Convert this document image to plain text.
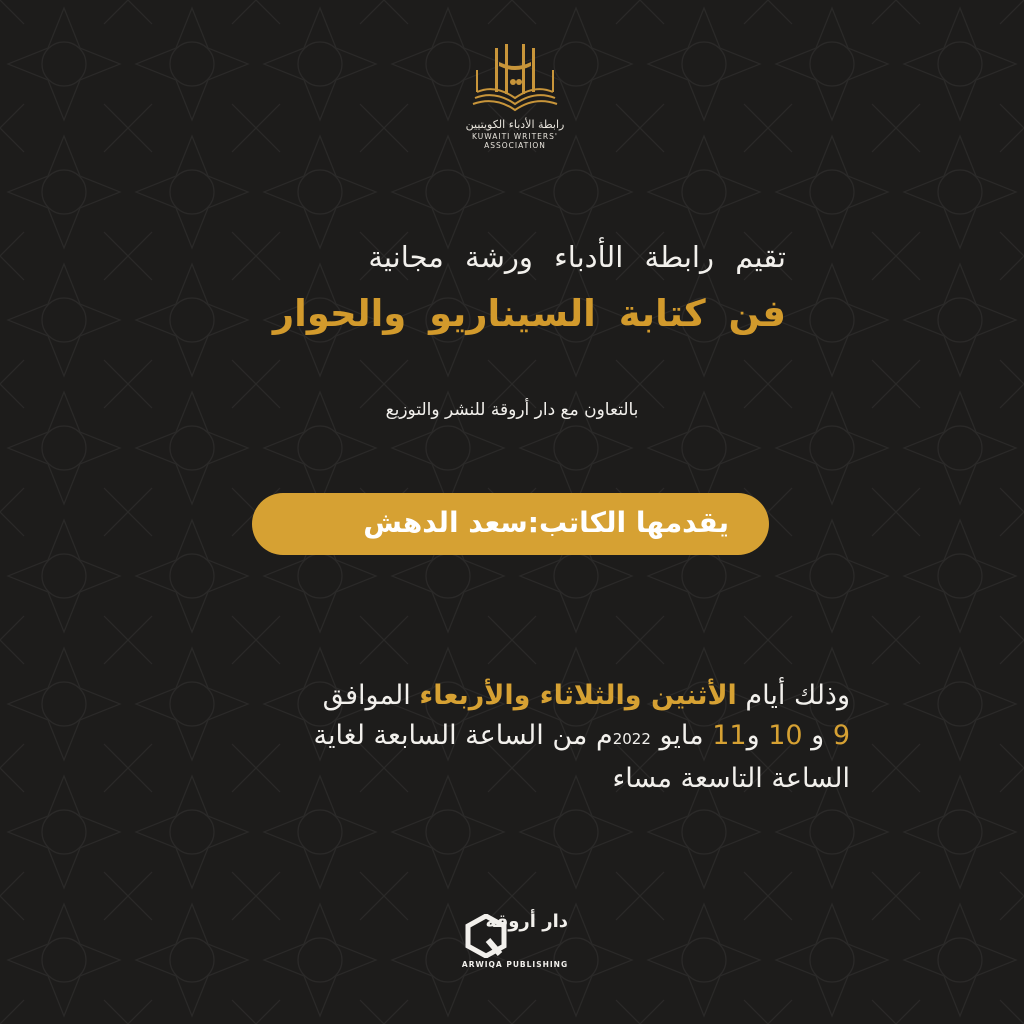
رابطة الأدباء الكويتيين
KUWAITI WRITERS' ASSOCIATION
تقيم رابطة الأدباء ورشة مجانية
فن كتابة السيناريو والحوار
بالتعاون مع دار أروقة للنشر والتوزيع
يقدمها الكاتب:سعد الدهش
وذلك أيام الأثنين والثلاثاء والأربعاء الموافق
9 و 10 و11 مايو 2022م من الساعة السابعة لغاية
الساعة التاسعة مساء
دار أروقة
ARWIQA PUBLISHING
